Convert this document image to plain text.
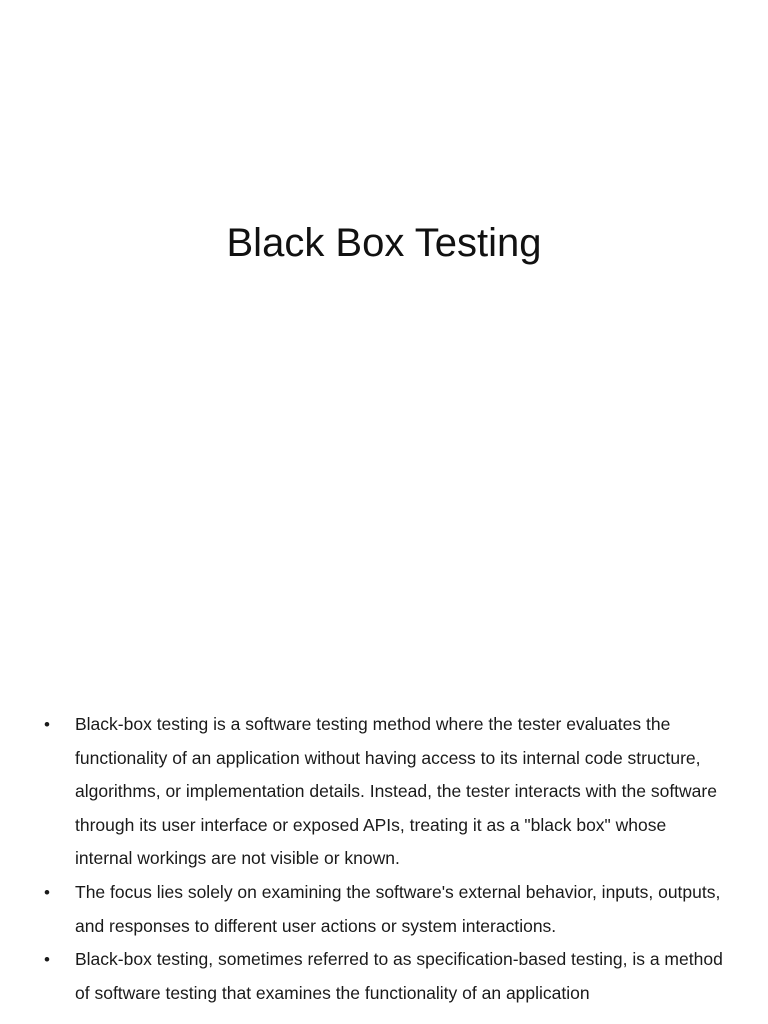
Black Box Testing
•	Black-box testing is a software testing method where the tester evaluates the functionality of an application without having access to its internal code structure, algorithms, or implementation details. Instead, the tester interacts with the software through its user interface or exposed APIs, treating it as a "black box" whose internal workings are not visible or known.
•	The focus lies solely on examining the software's external behavior, inputs, outputs, and responses to different user actions or system interactions.
•	Black-box testing, sometimes referred to as specification-based testing, is a method of software testing that examines the functionality of an application
